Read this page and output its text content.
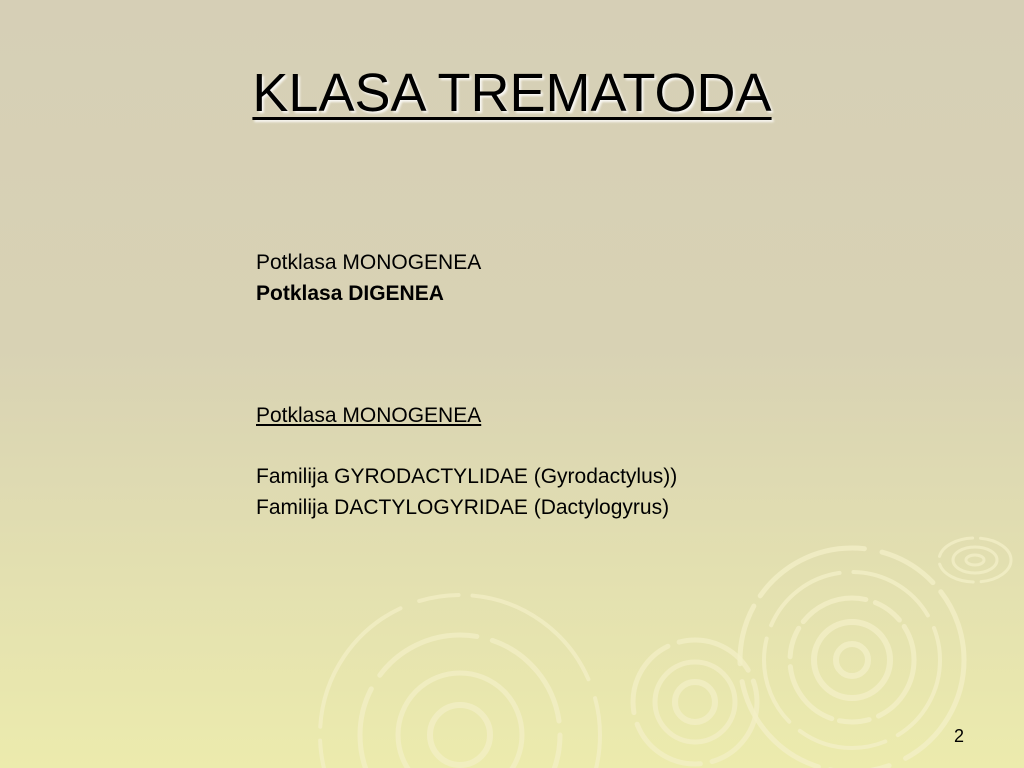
KLASA TREMATODA
Potklasa MONOGENEA
Potklasa DIGENEA
Potklasa MONOGENEA
Familija GYRODACTYLIDAE (Gyrodactylus))
Familija DACTYLOGYRIDAE (Dactylogyrus)
2
